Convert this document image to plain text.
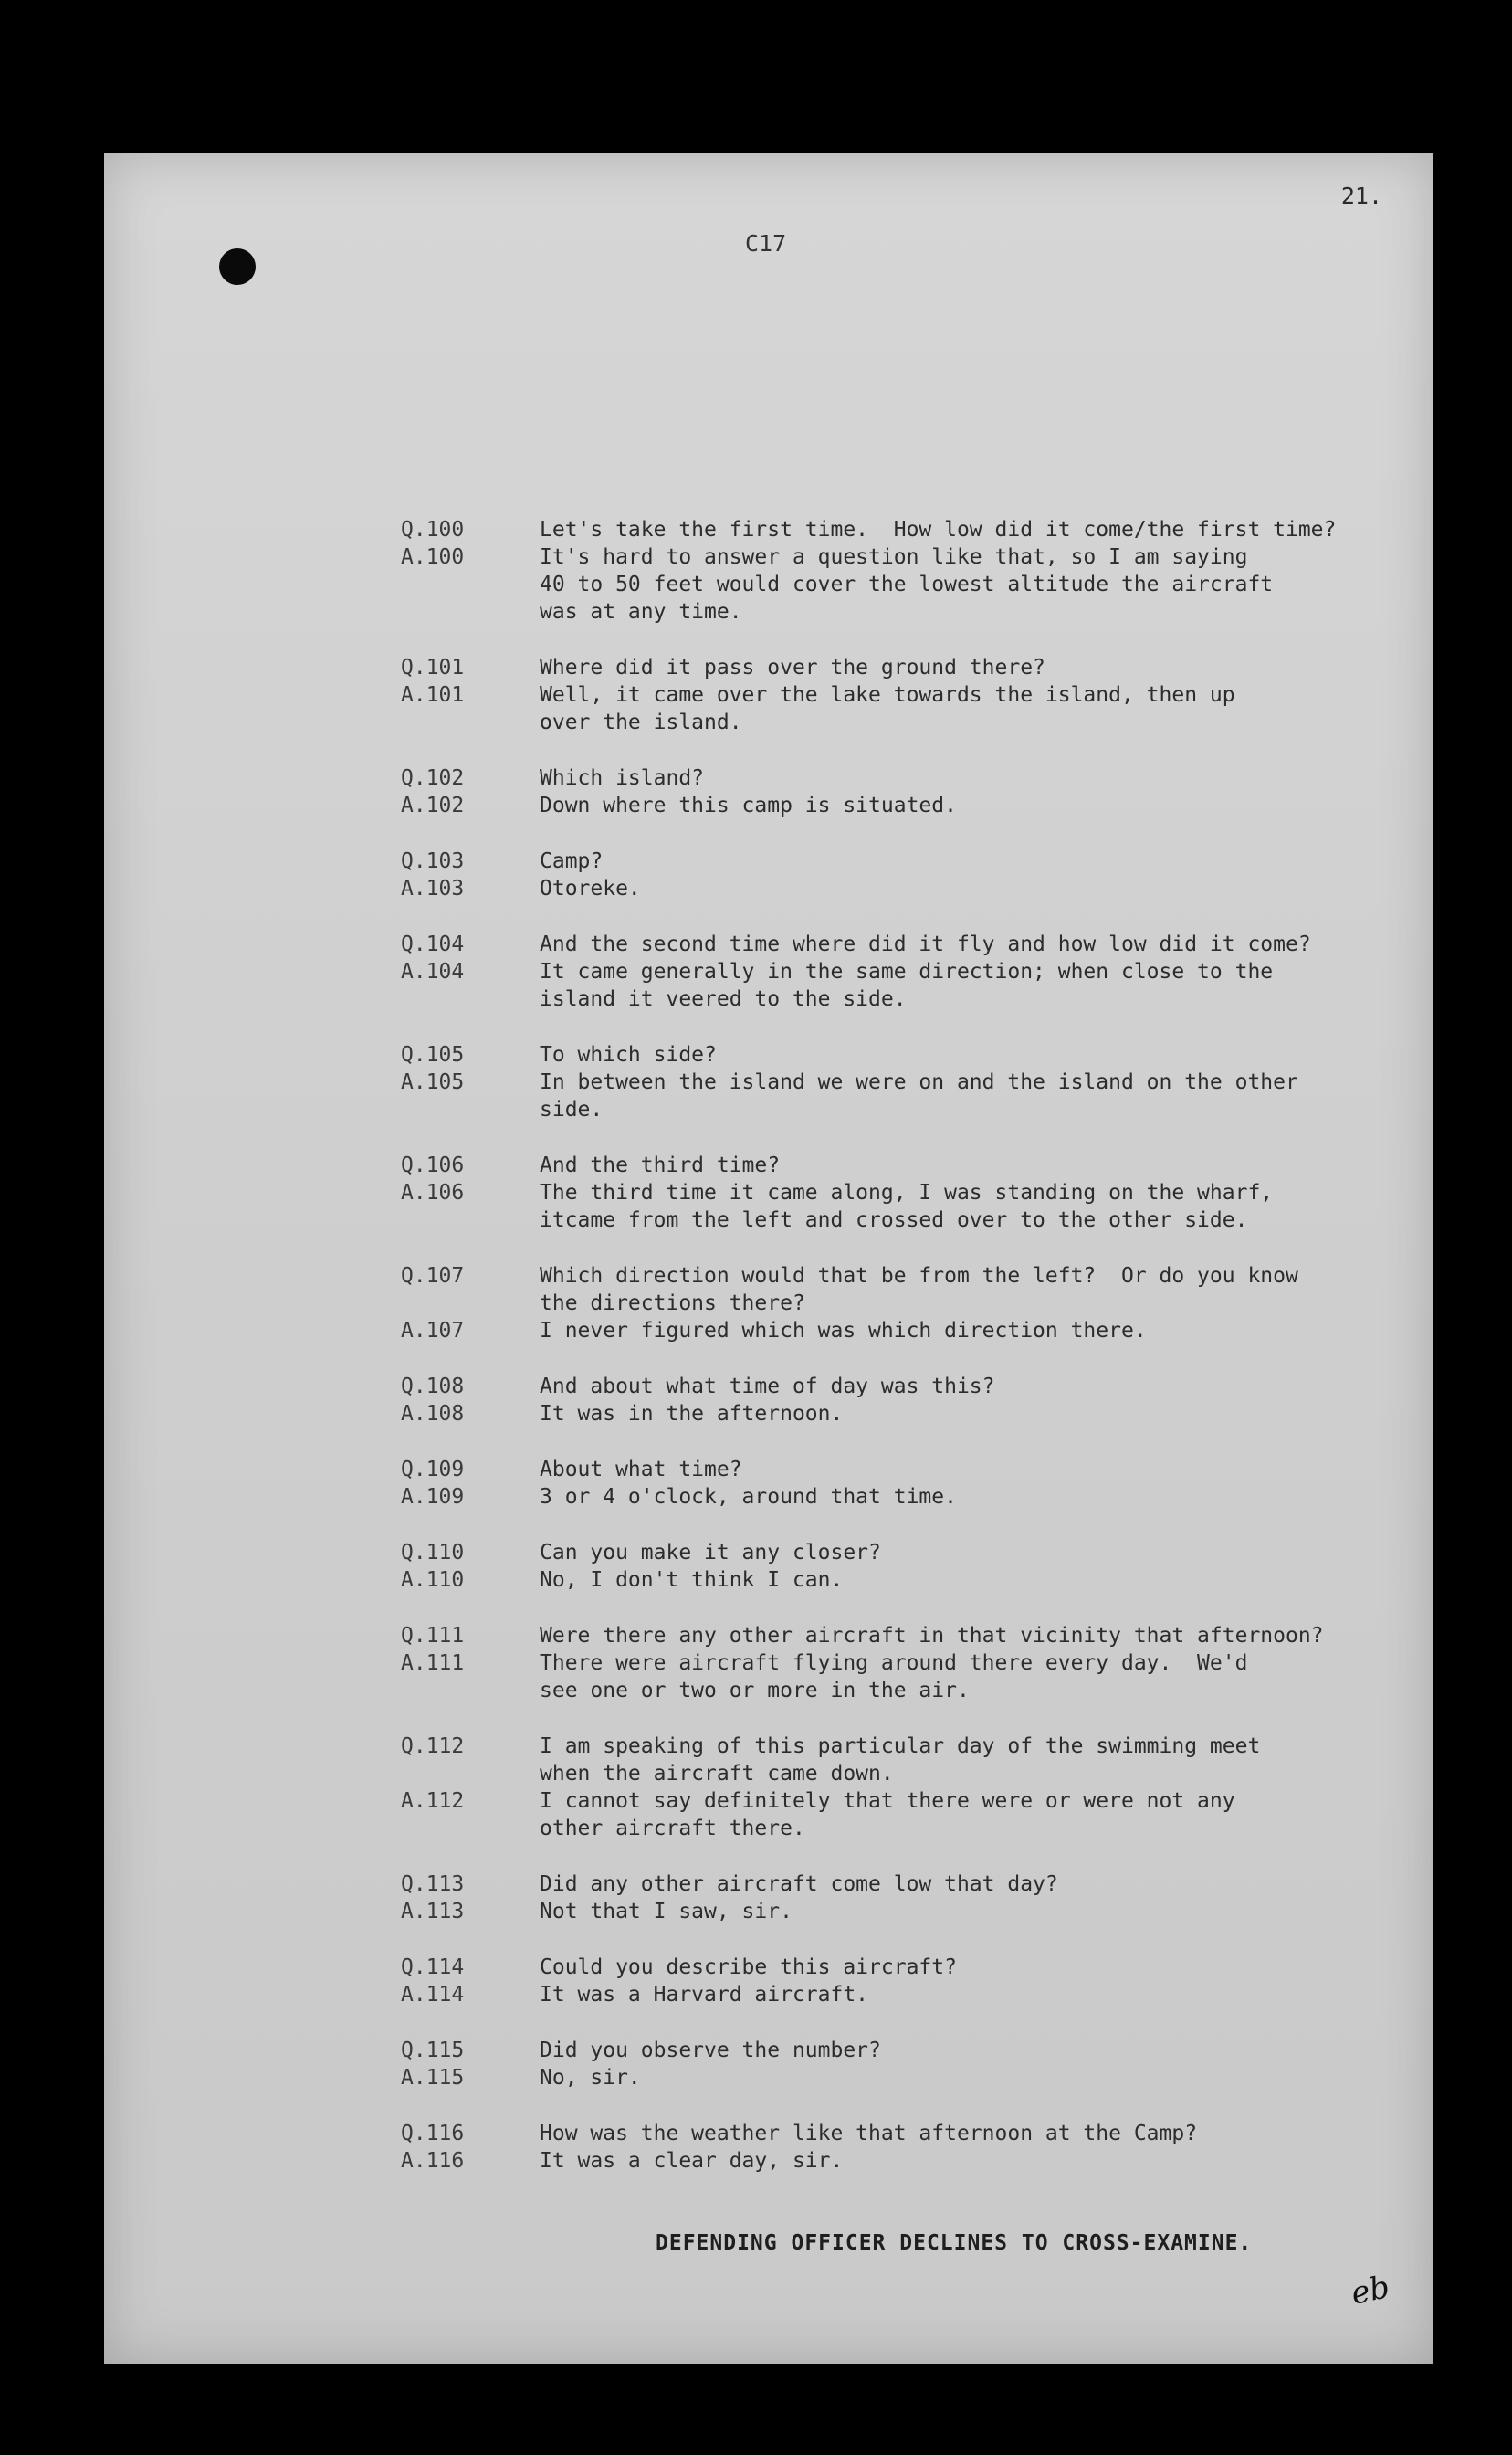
21.
C17
Q.100	Let's take the first time.  How low did it come/the first time?
A.100	It's hard to answer a question like that, so I am saying
40 to 50 feet would cover the lowest altitude the aircraft
was at any time.
Q.101	Where did it pass over the ground there?
A.101	Well, it came over the lake towards the island, then up
over the island.
Q.102	Which island?
A.102	Down where this camp is situated.
Q.103	Camp?
A.103	Otoreke.
Q.104	And the second time where did it fly and how low did it come?
A.104	It came generally in the same direction; when close to the
island it veered to the side.
Q.105	To which side?
A.105	In between the island we were on and the island on the other
side.
Q.106	And the third time?
A.106	The third time it came along, I was standing on the wharf,
itcame from the left and crossed over to the other side.
Q.107	Which direction would that be from the left?  Or do you know
the directions there?
A.107	I never figured which was which direction there.
Q.108	And about what time of day was this?
A.108	It was in the afternoon.
Q.109	About what time?
A.109	3 or 4 o'clock, around that time.
Q.110	Can you make it any closer?
A.110	No, I don't think I can.
Q.111	Were there any other aircraft in that vicinity that afternoon?
A.111	There were aircraft flying around there every day.  We'd
see one or two or more in the air.
Q.112	I am speaking of this particular day of the swimming meet
when the aircraft came down.
A.112	I cannot say definitely that there were or were not any
other aircraft there.
Q.113	Did any other aircraft come low that day?
A.113	Not that I saw, sir.
Q.114	Could you describe this aircraft?
A.114	It was a Harvard aircraft.
Q.115	Did you observe the number?
A.115	No, sir.
Q.116	How was the weather like that afternoon at the Camp?
A.116	It was a clear day, sir.
DEFENDING OFFICER DECLINES TO CROSS-EXAMINE.
eb
